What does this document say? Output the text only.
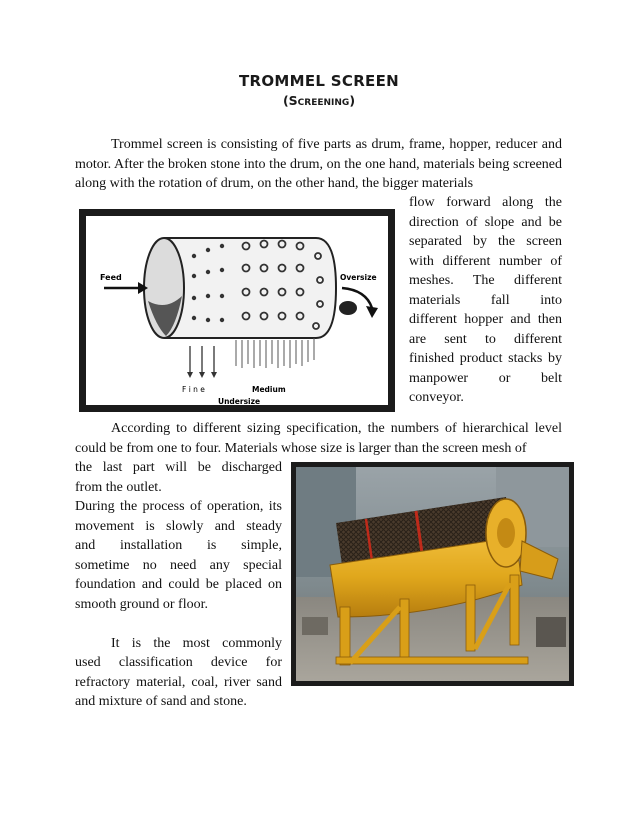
TROMMEL SCREEN
(Screening)

Trommel screen is consisting of five parts as drum, frame, hopper, reducer and motor. After the broken stone into the drum, on the one hand, materials being screened along with the rotation of drum, on the other hand, the bigger materials

Feed	Oversize
F i n e	Medium
Undersize
flow forward along the
direction of slope and be
separated by the screen
with different number of
meshes. The different
materials fall into
different hopper and then
are sent to different
finished product stacks by
manpower or belt
conveyor.

According to different sizing specification, the numbers of hierarchical level could be from one to four. Materials whose size is larger than the screen mesh of

the last part will be discharged
from the outlet.
During the process of operation, its
movement is slowly and steady
and installation is simple,
sometime no need any special
foundation and could be placed on
smooth ground or floor.
It is the most commonly
used classification device for
refractory material, coal, river sand
and mixture of sand and stone.
